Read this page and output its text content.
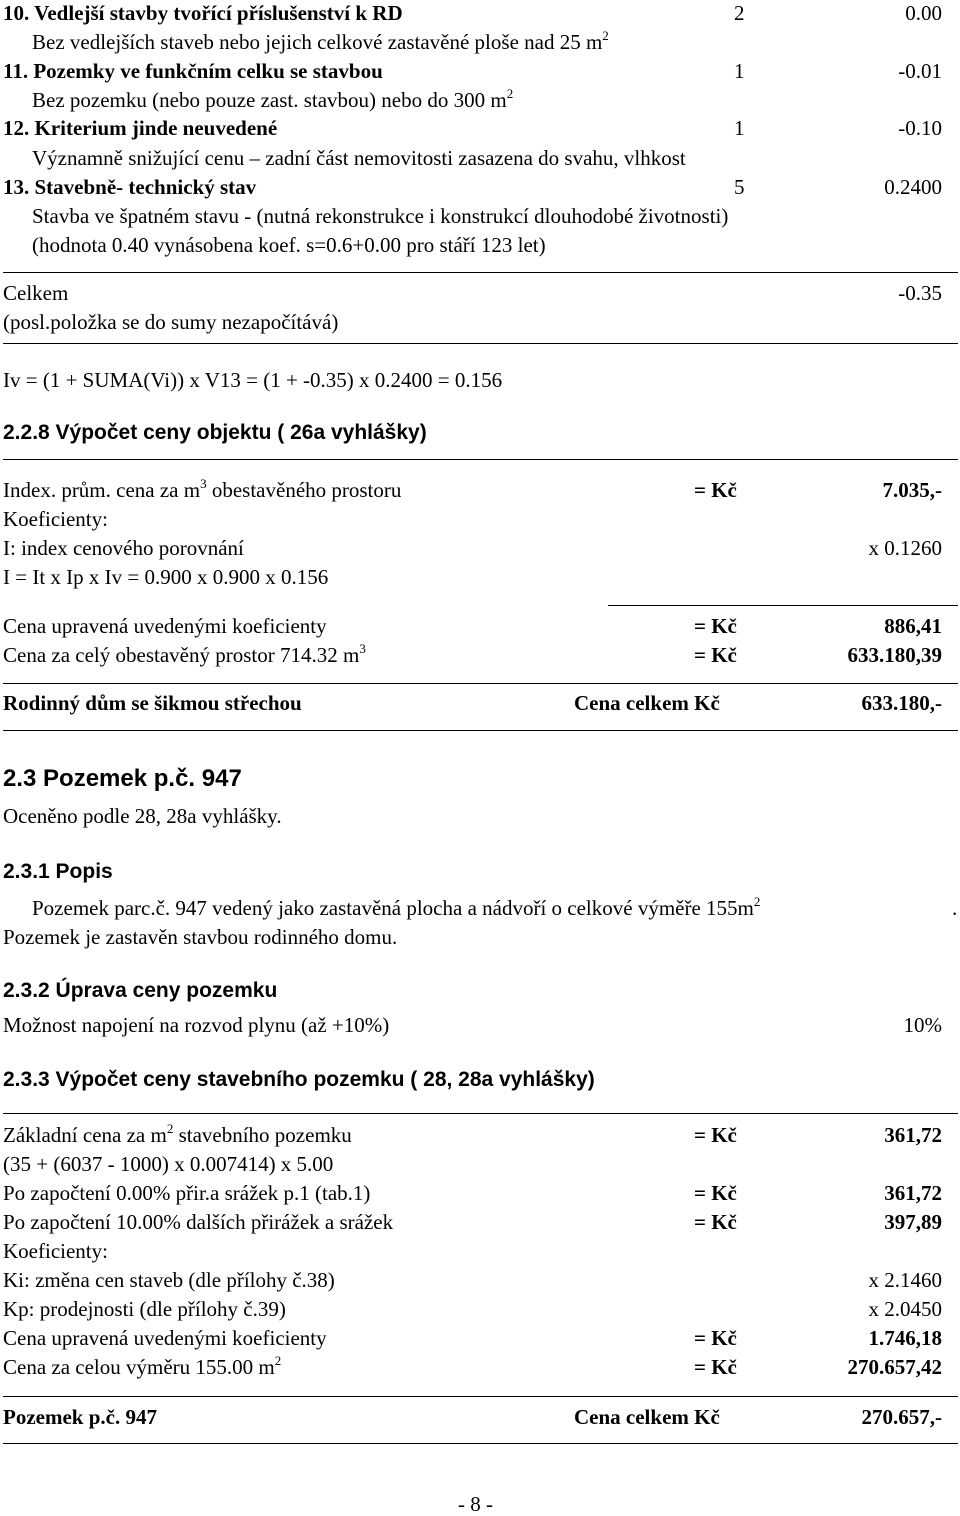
10. Vedlejší stavby tvořící příslušenství k RD	2	0.00
Bez vedlejších staveb nebo jejich celkové zastavěné ploše nad 25 $m^2$
11. Pozemky ve funkčním celku se stavbou	1	-0.01
Bez pozemku (nebo pouze zast. stavbou) nebo do 300 $m^2$
12. Kriterium jinde neuvedené	1	-0.10
Významně snižující cenu – zadní část nemovitosti zasazena do svahu, vlhkost
13. Stavebně- technický stav	5	0.2400
Stavba ve špatném stavu - (nutná rekonstrukce i konstrukcí dlouhodobé životnosti)
(hodnota 0.40 vynásobena koef. s=0.6+0.00 pro stáří 123 let)
Celkem	-0.35
(posl.položka se do sumy nezapočítává)
Iv = (1 + SUMA(Vi)) x V13 = (1 + -0.35) x 0.2400 = 0.156
2.2.8 Výpočet ceny objektu ( 26a vyhlášky)
Index. prům. cena za $m^3$ obestavěného prostoru	= Kč	7.035,-
Koeficienty:
I: index cenového porovnání	x 0.1260
I = It x Ip x Iv = 0.900 x 0.900 x 0.156
Cena upravená uvedenými koeficienty	= Kč	886,41
Cena za celý obestavěný prostor 714.32 $m^3$	= Kč	633.180,39
Rodinný dům se šikmou střechou	Cena celkem Kč	633.180,-
2.3 Pozemek p.č. 947
Oceněno podle 28, 28a vyhlášky.
2.3.1 Popis
Pozemek parc.č. 947 vedený jako zastavěná plocha a nádvoří o celkové výměře $155m^2$	.
Pozemek je zastavěn stavbou rodinného domu.
2.3.2 Úprava ceny pozemku
Možnost napojení na rozvod plynu (až +10%)	10%
2.3.3 Výpočet ceny stavebního pozemku ( 28, 28a vyhlášky)
Základní cena za $m^2$ stavebního pozemku	= Kč	361,72
(35 + (6037 - 1000) x 0.007414) x 5.00
Po započtení 0.00% přir.a srážek p.1 (tab.1)	= Kč	361,72
Po započtení 10.00% dalších přirážek a srážek	= Kč	397,89
Koeficienty:
Ki: změna cen staveb (dle přílohy č.38)	x 2.1460
Kp: prodejnosti (dle přílohy č.39)	x 2.0450
Cena upravená uvedenými koeficienty	= Kč	1.746,18
Cena za celou výměru 155.00 $m^2$	= Kč	270.657,42
Pozemek p.č. 947	Cena celkem Kč	270.657,-
- 8 -
